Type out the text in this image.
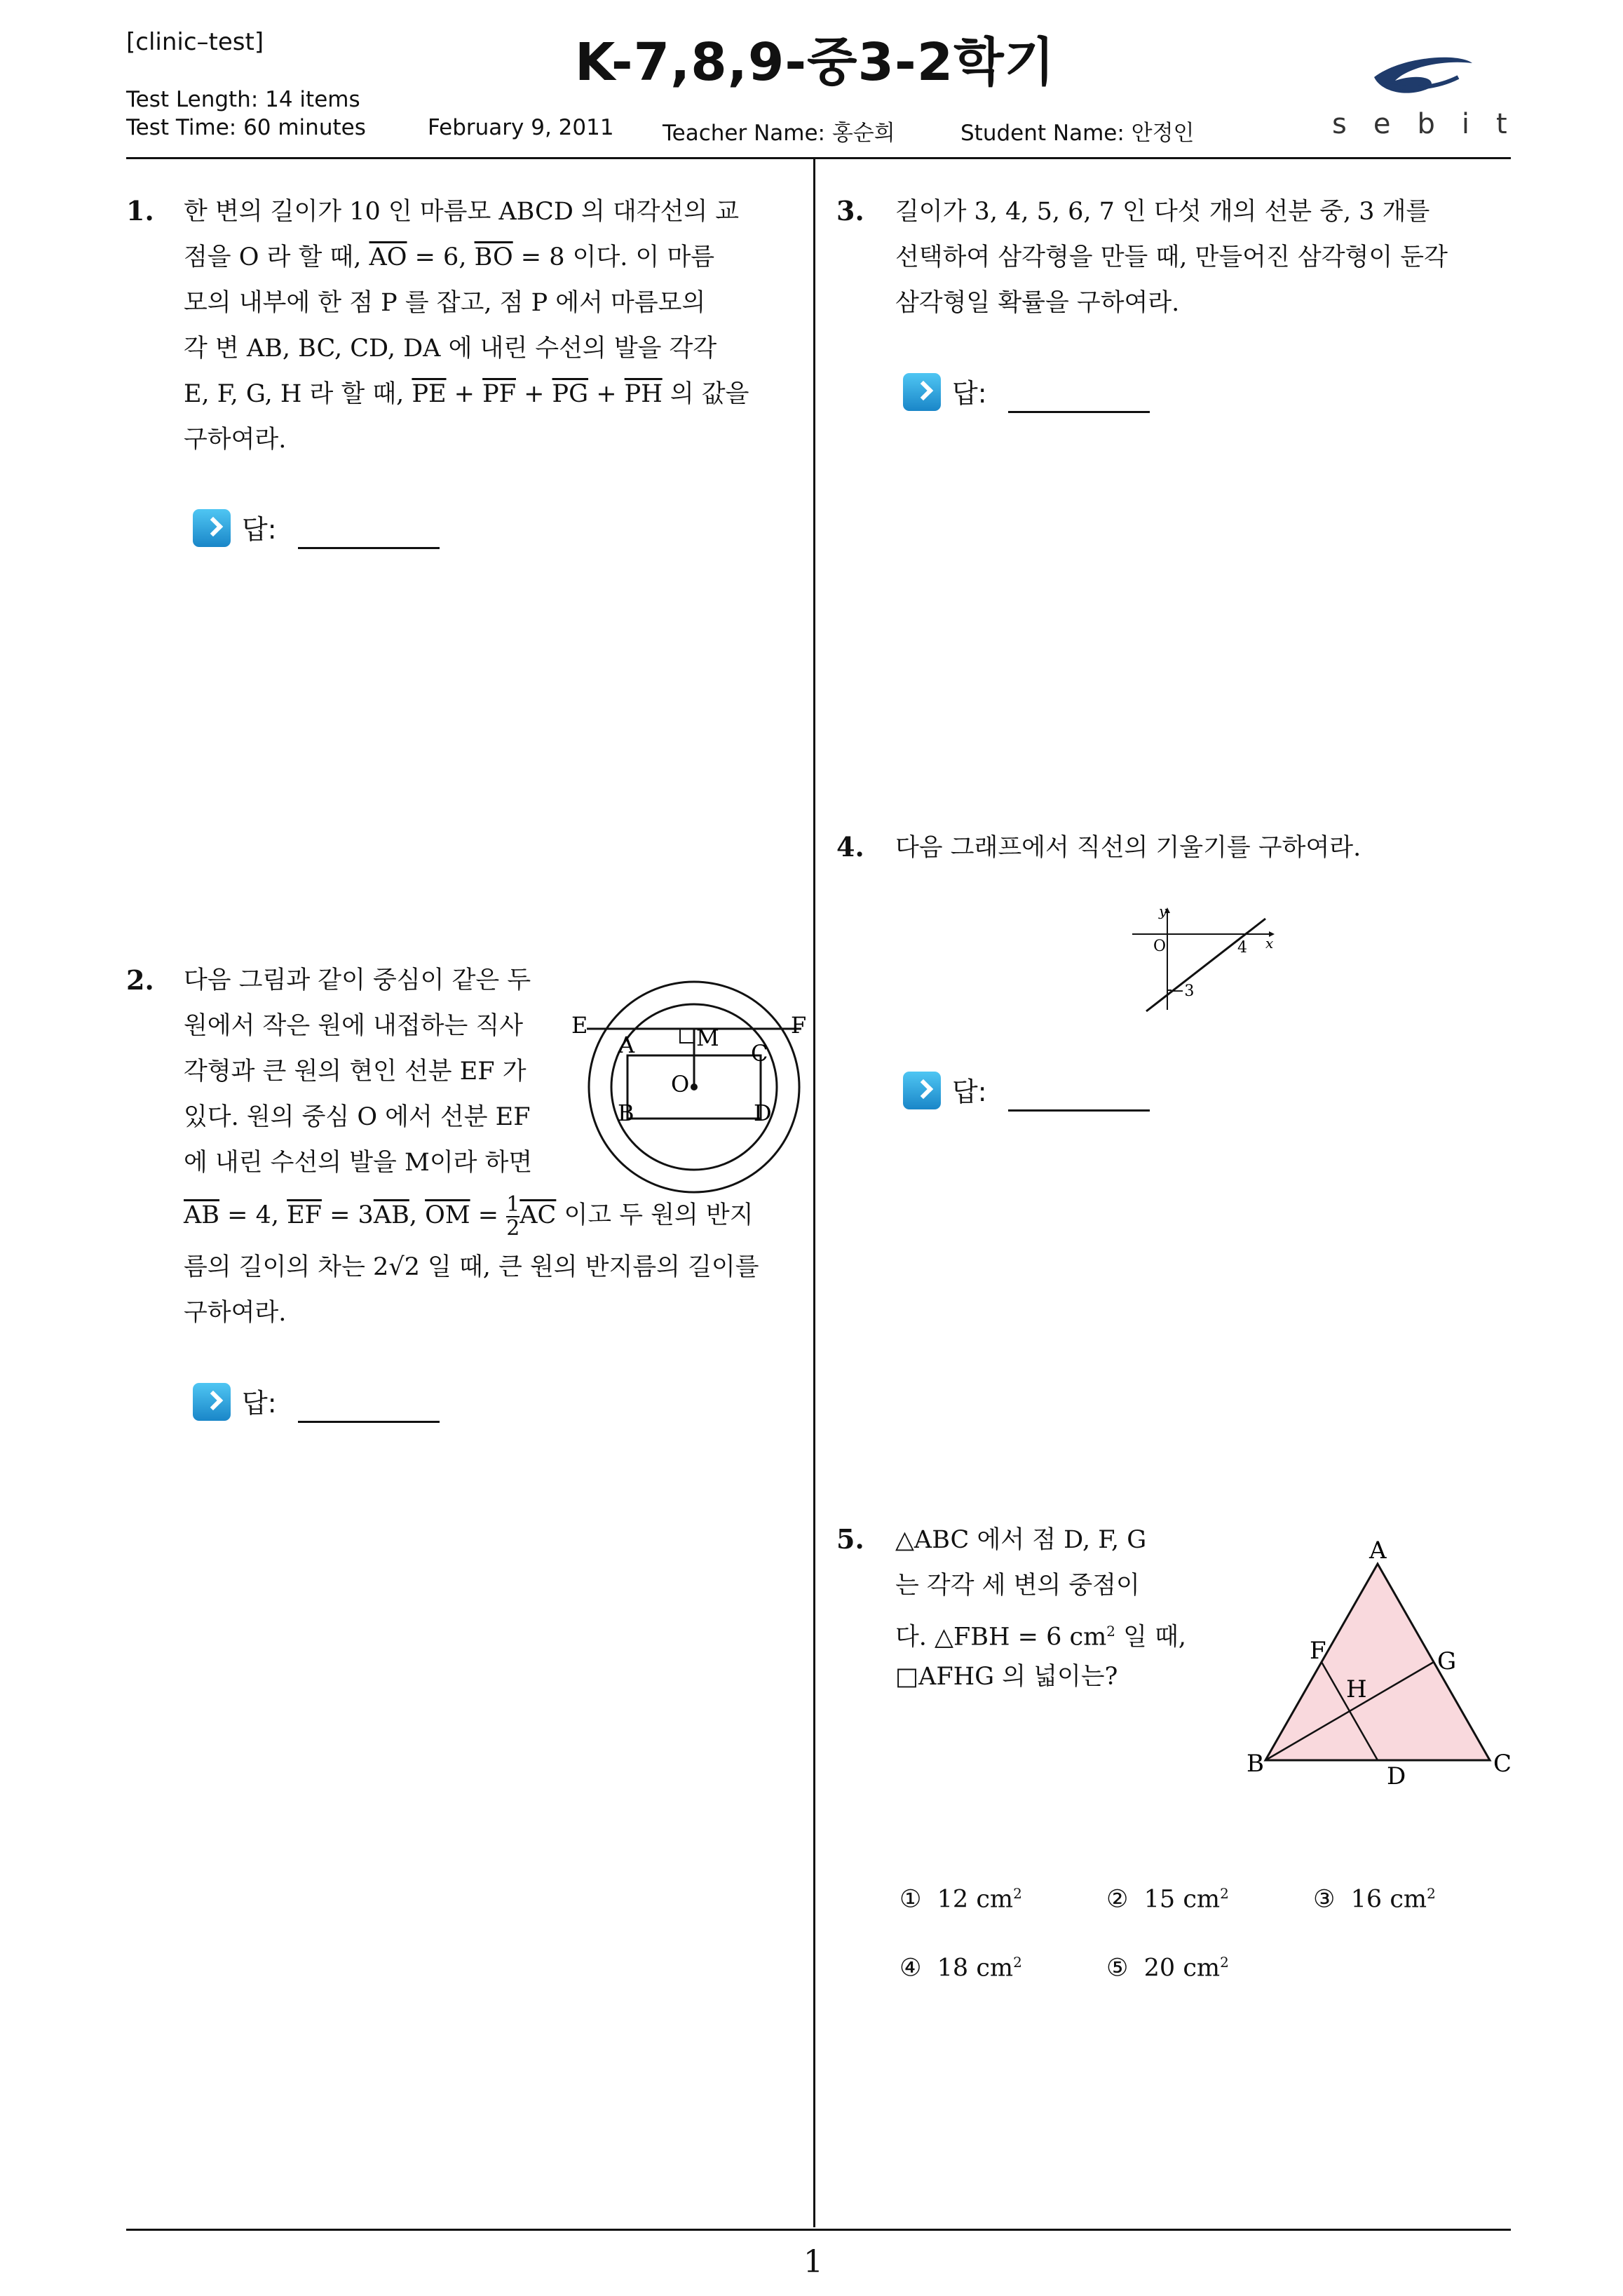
[clinic–test]	K-7,8,9-중3-2학기
Test Length: 14 items
Test Time: 60 minutes	February 9, 2011 Teacher Name: 홍순희	Student Name: 안정인	sebit
1. 한 변의 길이가 10 인 마름모 ABCD 의 대각선의 교
점을 O 라 할 때, $\overline{AO} = 6$, $\overline{BO} = 8$ 이다. 이 마름
모의 내부에 한 점 P 를 잡고, 점 P 에서 마름모의
각 변 AB, BC, CD, DA 에 내린 수선의 발을 각각
E, F, G, H 라 할 때, $\overline{PE} + \overline{PF} + \overline{PG} + \overline{PH}$ 의 값을
구하여라.
답:
2. 다음 그림과 같이 중심이 같은 두
원에서 작은 원에 내접하는 직사
각형과 큰 원의 현인 선분 EF 가
있다. 원의 중심 O 에서 선분 EF
에 내린 수선의 발을 M이라 하면
$\overline{AB} = 4$, $\overline{EF} = 3\overline{AB}$, $\overline{OM} = \frac{1}{2} \overline{AC}$ 이고 두 원의 반지
름의 길이의 차는 2√2 일 때, 큰 원의 반지름의 길이를
구하여라.
E	F
A	M
C
O
B	D
답:
3. 길이가 3, 4, 5, 6, 7 인 다섯 개의 선분 중, 3 개를
선택하여 삼각형을 만들 때, 만들어진 삼각형이 둔각
삼각형일 확률을 구하여라.
답:
4. 다음 그래프에서 직선의 기울기를 구하여라.
y
x
O	4
−3
답:
5. △ABC 에서 점 D, F, G
는 각각 세 변의 중점이
다. △FBH = 6 $cm^2$ 일 때,
□AFHG 의 넓이는?
A
F	G
H
B	D	C
① 12 $cm^2$	② 15 $cm^2$	③ 16 $cm^2$
④ 18 $cm^2$	⑤ 20 $cm^2$
1
